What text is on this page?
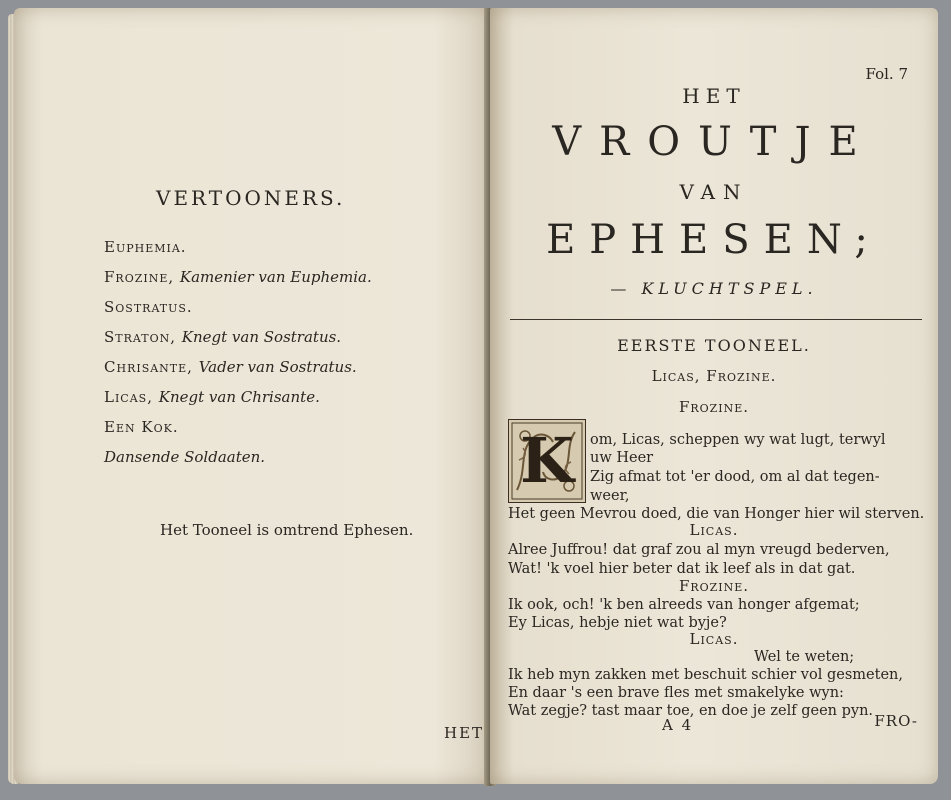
VERTOONERS.
Euphemia.
Frozine, Kamenier van Euphemia.
Sostratus.
Straton, Knegt van Sostratus.
Chrisante, Vader van Sostratus.
Licas, Knegt van Chrisante.
Een Kok.
Dansende Soldaaten.
Het Tooneel is omtrend Ephesen.
HET
Fol. 7
HET
VROUTJE
VAN
EPHESEN;
— KLUCHTSPEL.
EERSTE TOONEEL.
Licas, Frozine.
Frozine.
K om, Licas, scheppen wy wat lugt, terwyl
uw Heer
Zig afmat tot 'er dood, om al dat tegen-
weer,
Het geen Mevrou doed, die van Honger hier wil sterven.
Licas.
Alree Juffrou! dat graf zou al myn vreugd bederven,
Wat! 'k voel hier beter dat ik leef als in dat gat.
Frozine.
Ik ook, och! 'k ben alreeds van honger afgemat;
Ey Licas, hebje niet wat byje?
Licas.
Wel te weten;
Ik heb myn zakken met beschuit schier vol gesmeten,
En daar 's een brave fles met smakelyke wyn:
Wat zegje? tast maar toe, en doe je zelf geen pyn.
A 4	FRO-
